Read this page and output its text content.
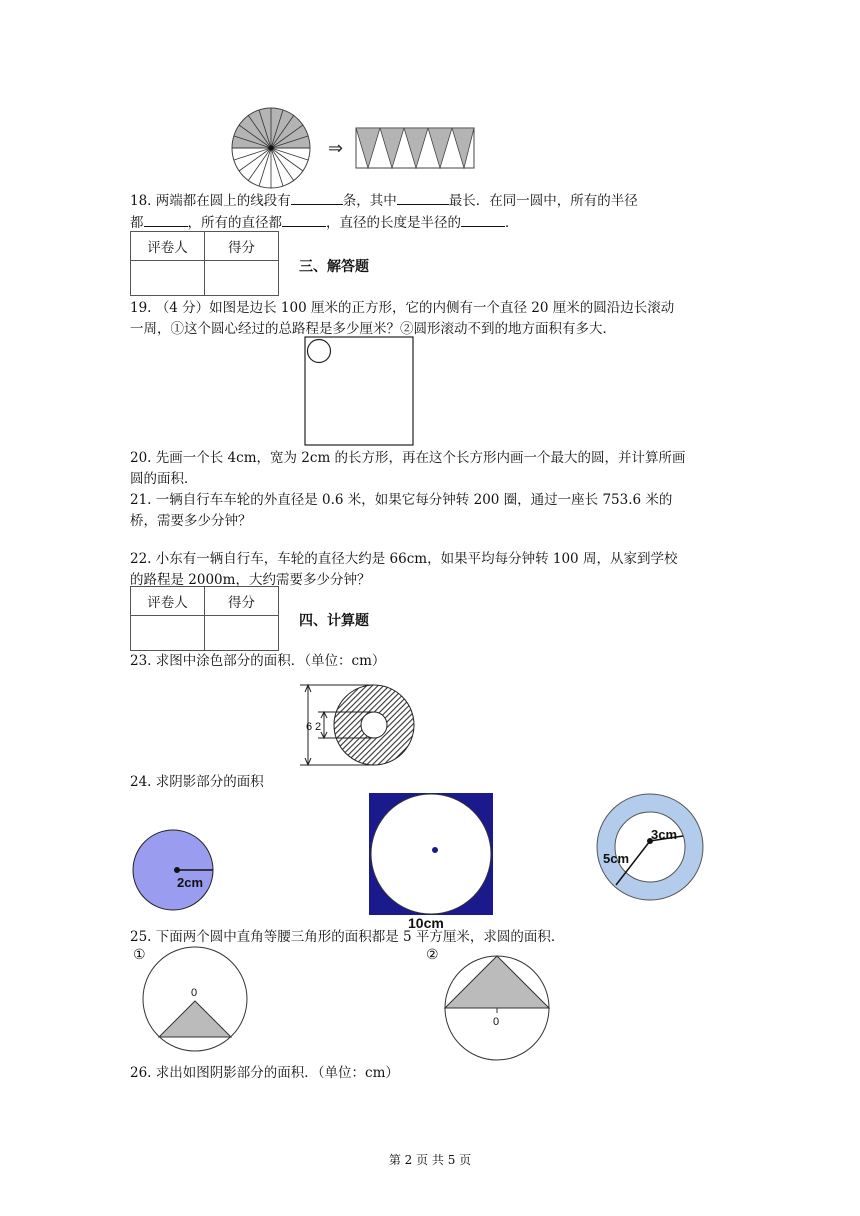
⇒
18. 两端都在圆上的线段有	条，其中	最长．在同一圆中，所有的半径
都	，所有的直径都	，直径的长度是半径的	．
评卷人	得分

三、解答题
19. （4 分）如图是边长 100 厘米的正方形，它的内侧有一个直径 20 厘米的圆沿边长滚动
一周，①这个圆心经过的总路程是多少厘米？②圆形滚动不到的地方面积有多大．
20. 先画一个长 4cm，宽为 2cm 的长方形，再在这个长方形内画一个最大的圆，并计算所画
圆的面积．
21. 一辆自行车车轮的外直径是 0.6 米，如果它每分钟转 200 圈，通过一座长 753.6 米的
桥，需要多少分钟？
22. 小东有一辆自行车，车轮的直径大约是 66cm，如果平均每分钟转 100 周，从家到学校
的路程是 2000m，大约需要多少分钟？
评卷人	得分

四、计算题
23. 求图中涂色部分的面积．（单位：cm）
6 2
24. 求阴影部分的面积
2cm
10cm
3cm
5cm
25. 下面两个圆中直角等腰三角形的面积都是 5 平方厘米，求圆的面积．
①	②
0
0
26. 求出如图阴影部分的面积．（单位：cm）
第 2 页 共 5 页
